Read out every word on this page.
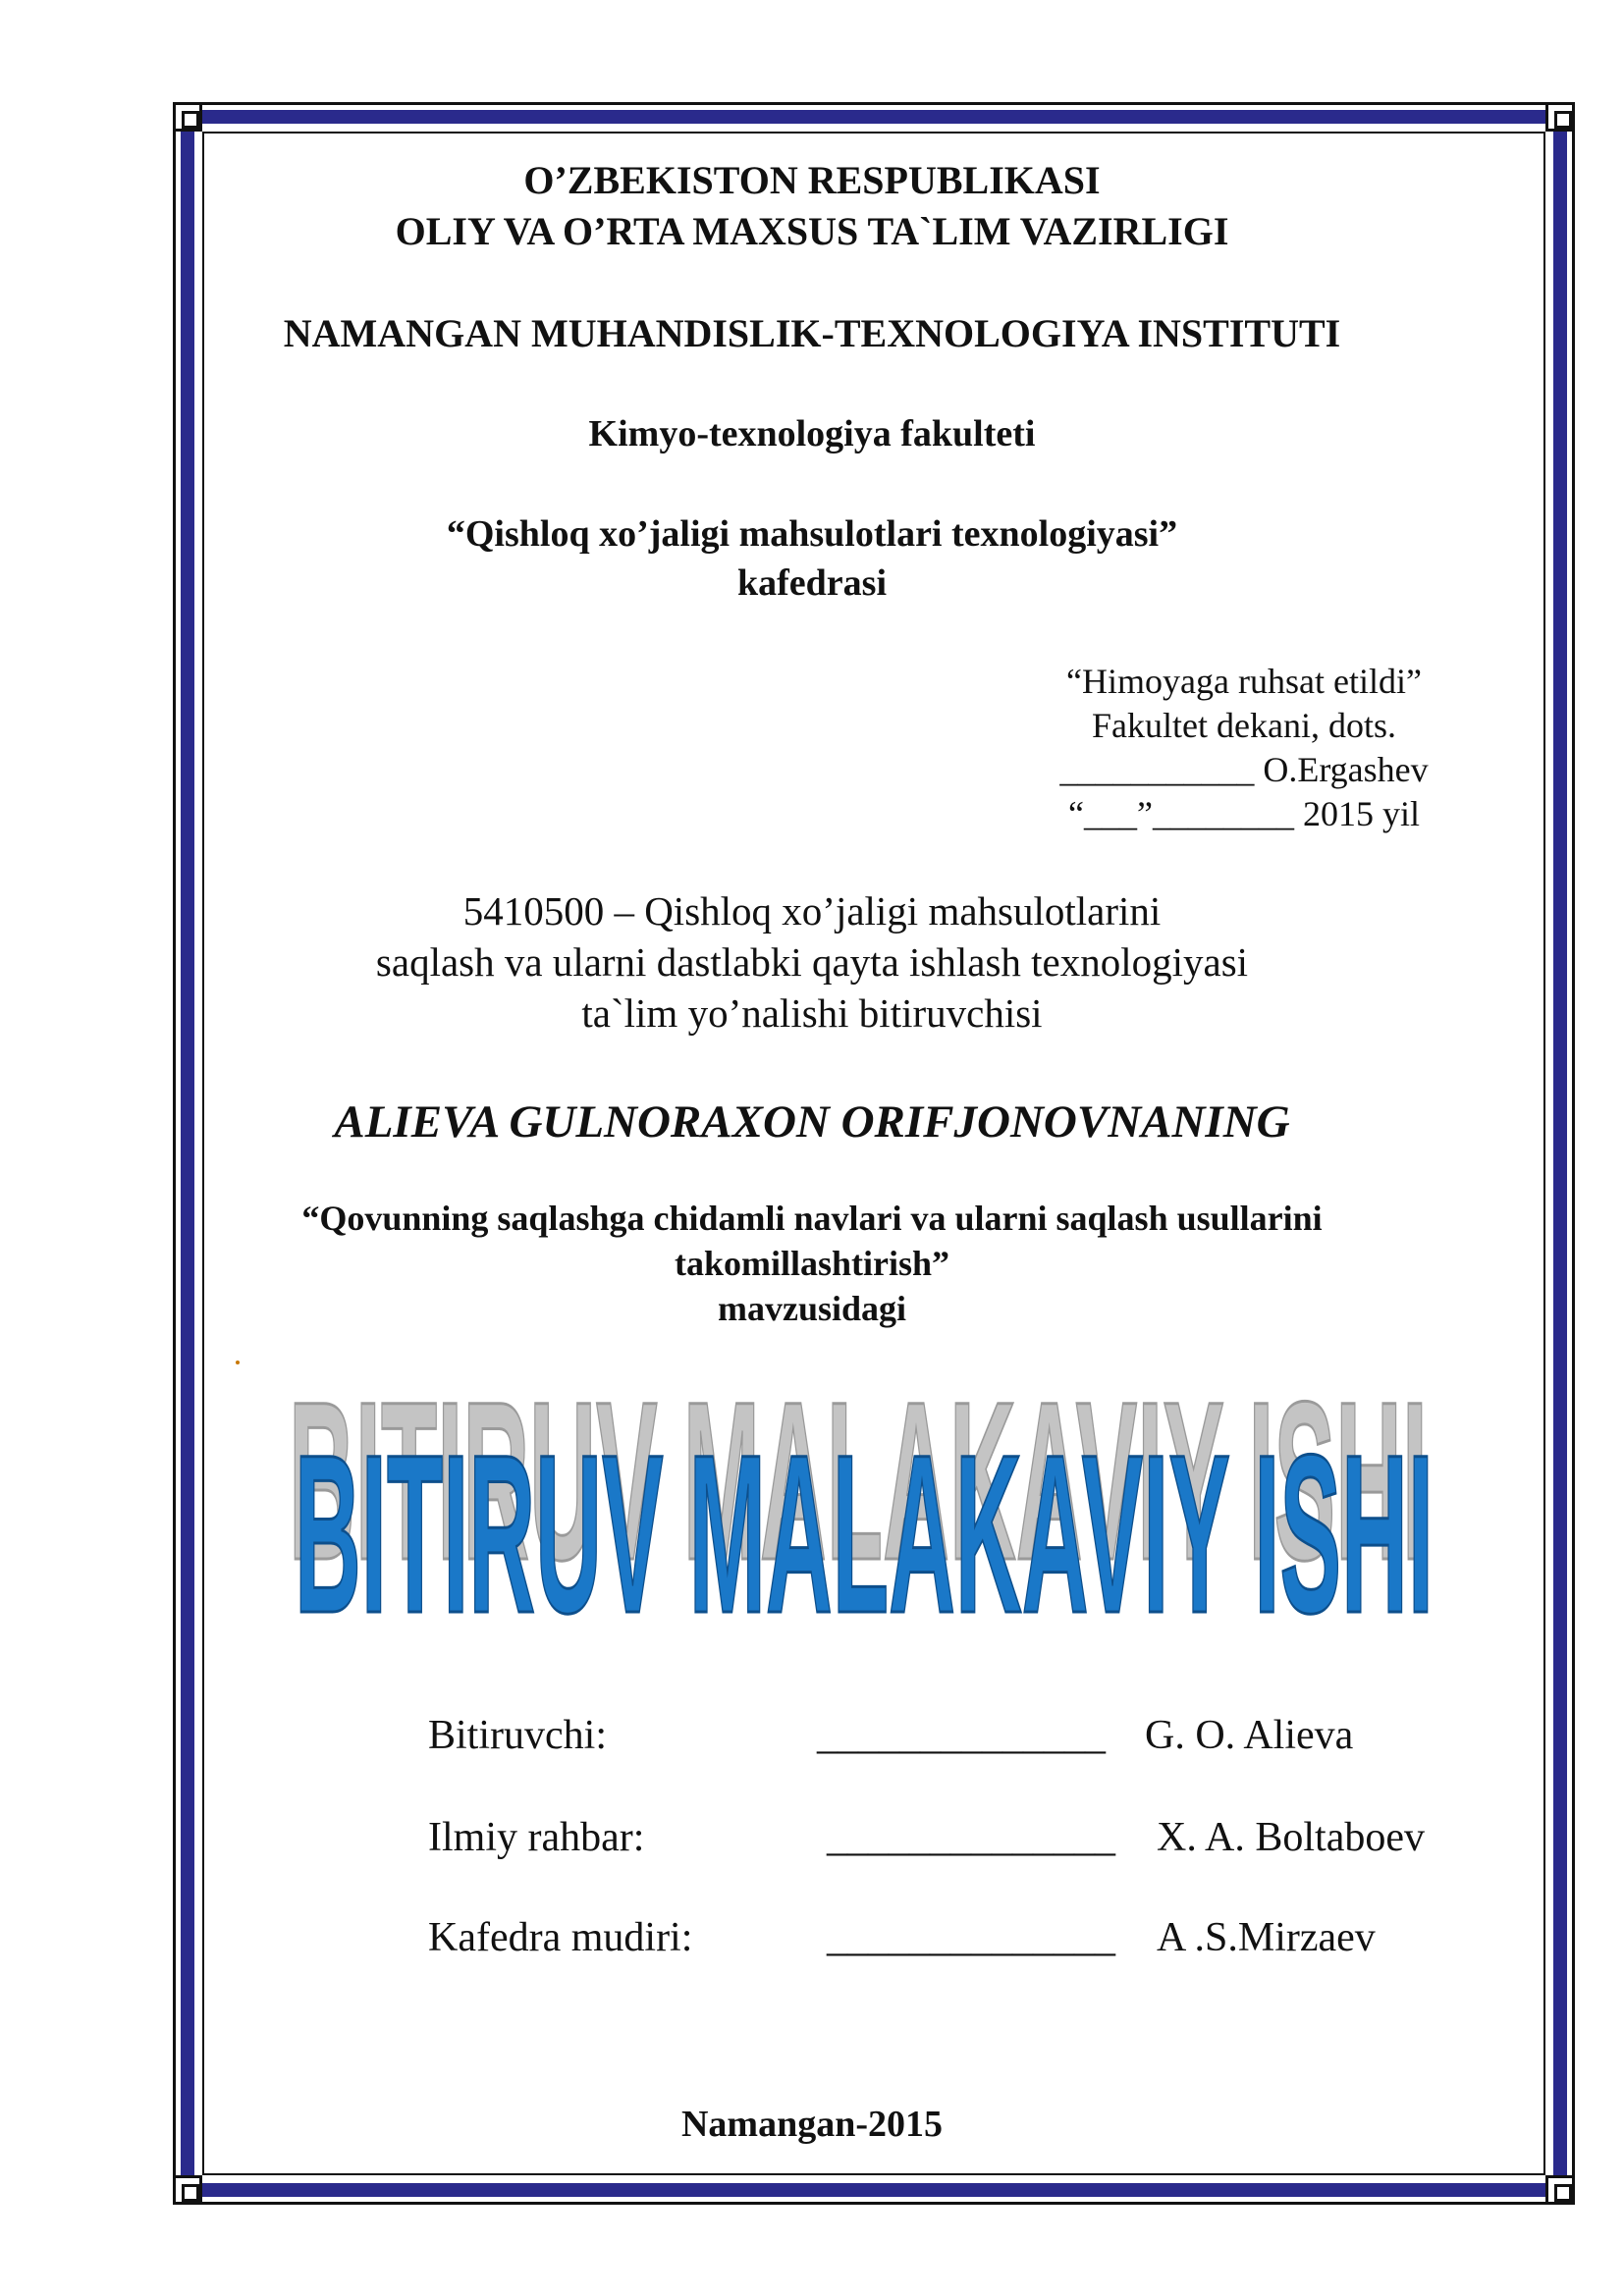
O’ZBEKISTON RESPUBLIKASI
OLIY VA O’RTA MAXSUS TA`LIM VAZIRLIGI
NAMANGAN MUHANDISLIK-TEXNOLOGIYA INSTITUTI
Kimyo-texnologiya fakulteti
“Qishloq xo’jaligi mahsulotlari texnologiyasi”
kafedrasi
“Himoyaga ruhsat etildi”
Fakultet dekani, dots.
___________ O.Ergashev
“___”________ 2015 yil
5410500 – Qishloq xo’jaligi mahsulotlarini
saqlash va ularni dastlabki qayta ishlash texnologiyasi
ta`lim yo’nalishi bitiruvchisi
ALIEVA GULNORAXON ORIFJONOVNANING
“Qovunning saqlashga chidamli navlari va ularni saqlash usullarini
takomillashtirish”
mavzusidagi
BITIRUV MALAKAVIY ISHI
BITIRUV MALAKAVIY ISHI
Bitiruvchi:	______________ G. O. Alieva
Ilmiy rahbar:	______________ X. A. Boltaboev
Kafedra mudiri:	______________ A .S.Mirzaev
Namangan-2015
